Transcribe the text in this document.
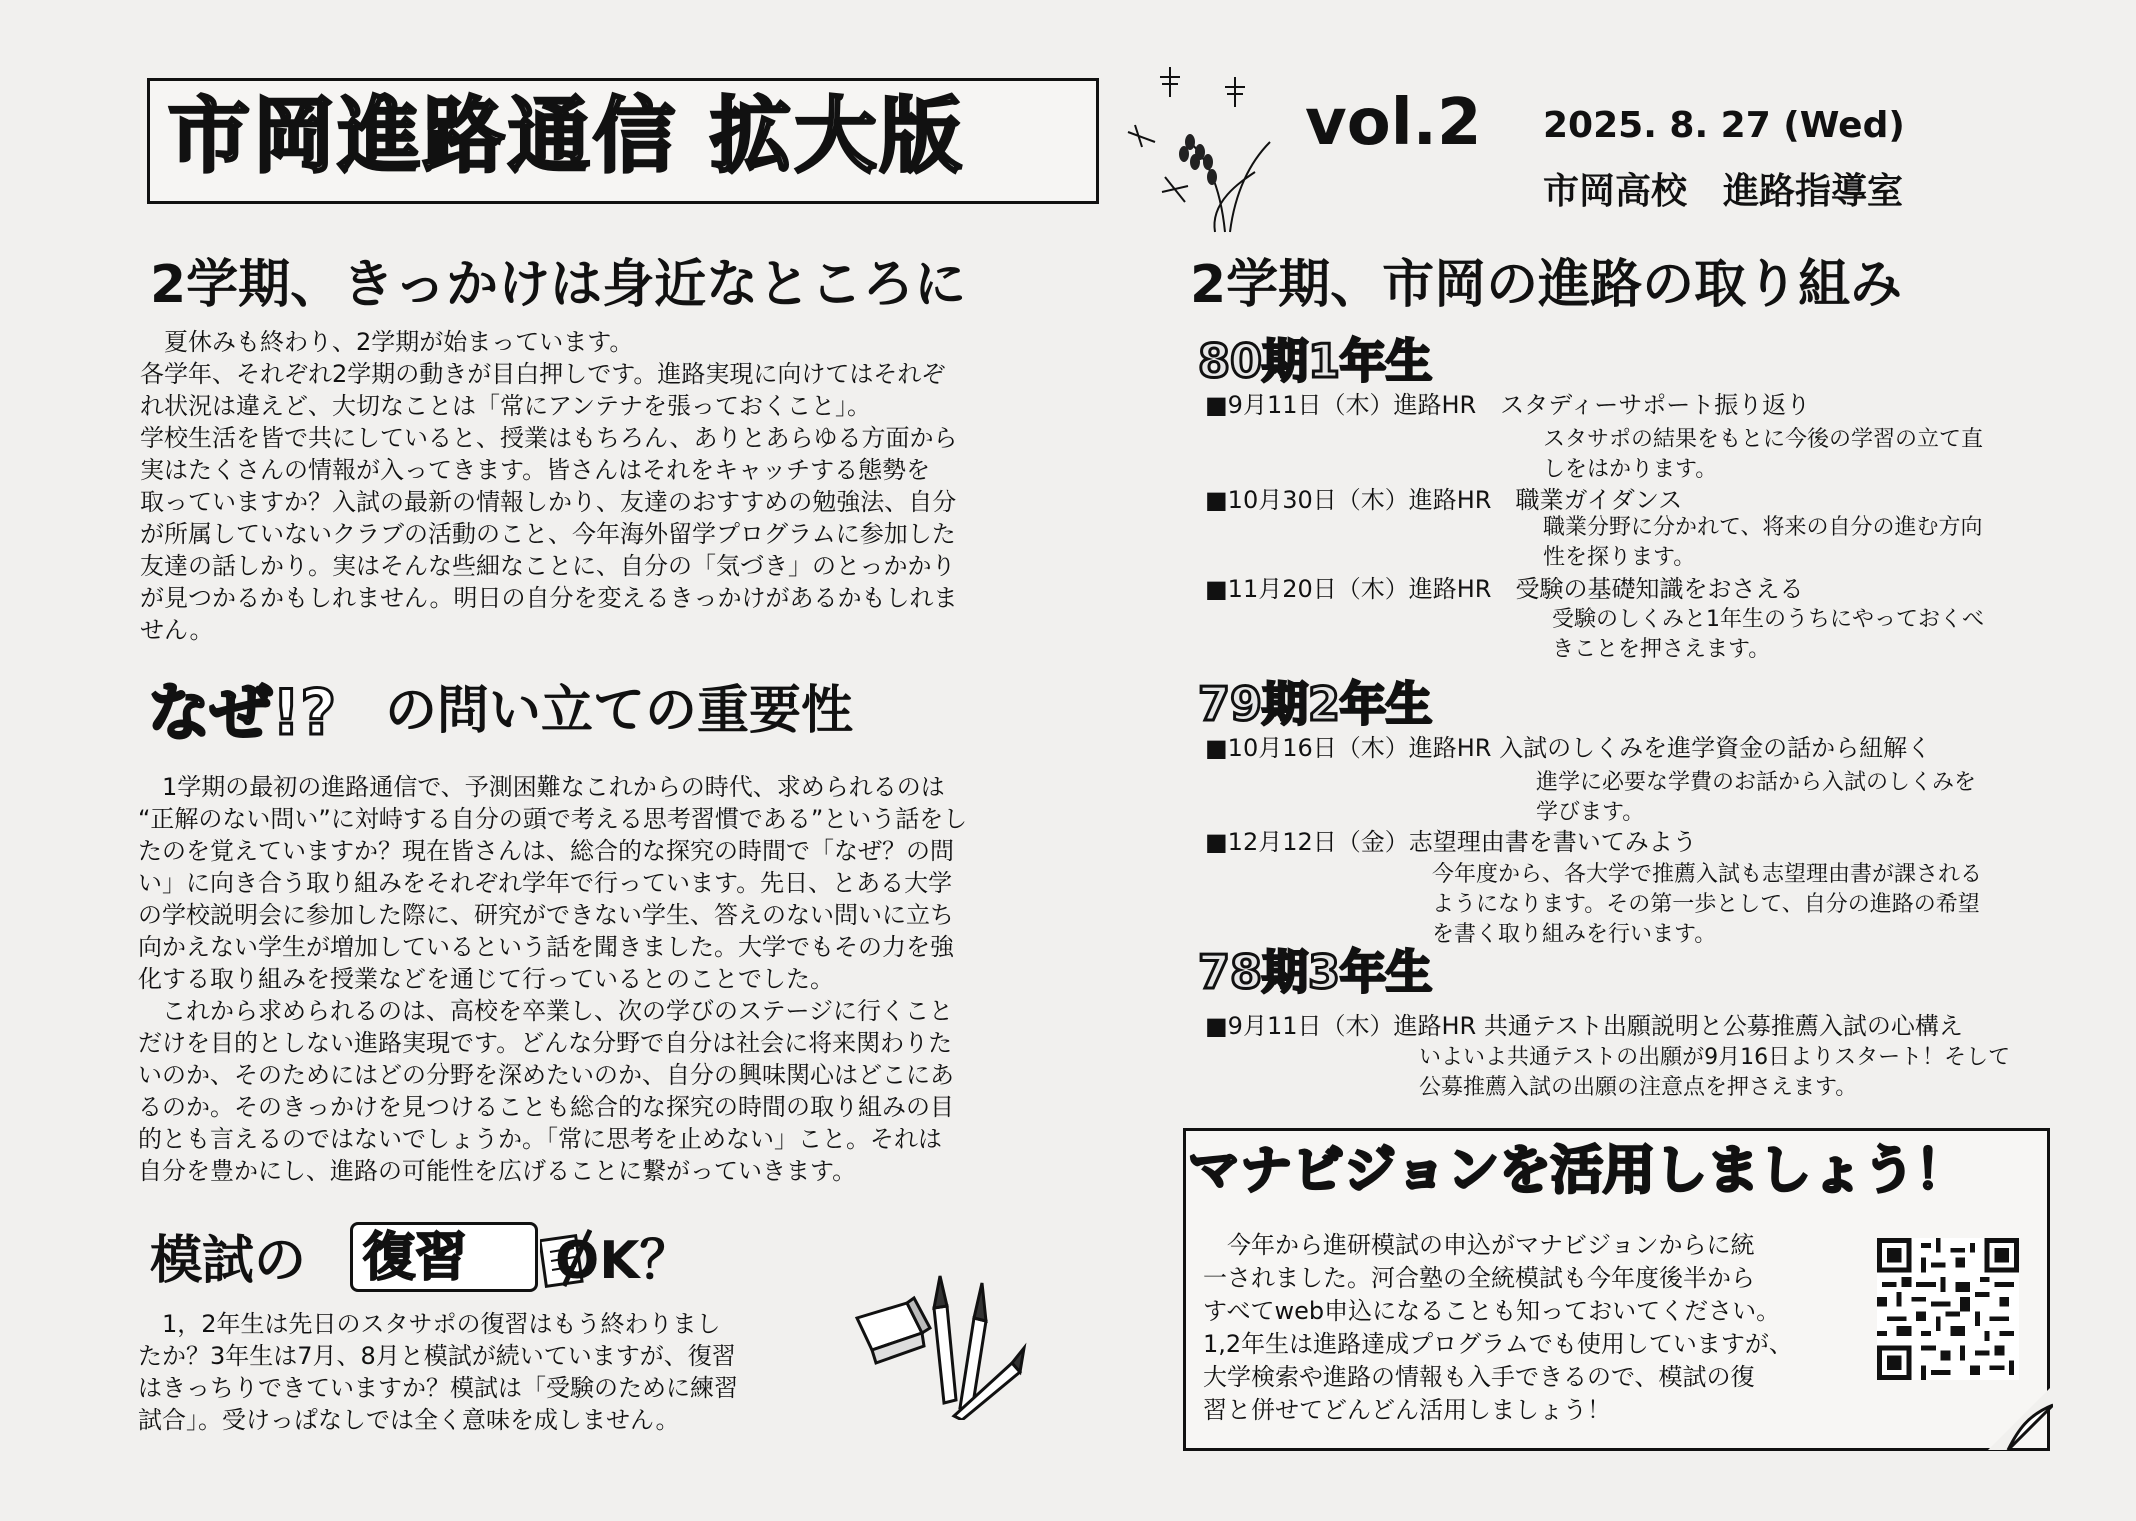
市岡進路通信 拡大版	vol.2 2025. 8. 27 (Wed)
市岡高校　進路指導室
2学期、きっかけは身近なところに
　夏休みも終わり、2学期が始まっています。
各学年、それぞれ2学期の動きが目白押しです。進路実現に向けてはそれぞ
れ状況は違えど、大切なことは「常にアンテナを張っておくこと」。
学校生活を皆で共にしていると、授業はもちろん、ありとあらゆる方面から
実はたくさんの情報が入ってきます。皆さんはそれをキャッチする態勢を
取っていますか？入試の最新の情報しかり、友達のおすすめの勉強法、自分
が所属していないクラブの活動のこと、今年海外留学プログラムに参加した
友達の話しかり。実はそんな些細なことに、自分の「気づき」のとっかかり
が見つかるかもしれません。明日の自分を変えるきっかけがあるかもしれま
せん。
なぜ!? の問い立ての重要性
　1学期の最初の進路通信で、予測困難なこれからの時代、求められるのは
“正解のない問い”に対峙する自分の頭で考える思考習慣である”という話をし
たのを覚えていますか？現在皆さんは、総合的な探究の時間で「なぜ？の問
い」に向き合う取り組みをそれぞれ学年で行っています。先日、とある大学
の学校説明会に参加した際に、研究ができない学生、答えのない問いに立ち
向かえない学生が増加しているという話を聞きました。大学でもその力を強
化する取り組みを授業などを通じて行っているとのことでした。
　これから求められるのは、高校を卒業し、次の学びのステージに行くこと
だけを目的としない進路実現です。どんな分野で自分は社会に将来関わりた
いのか、そのためにはどの分野を深めたいのか、自分の興味関心はどこにあ
るのか。そのきっかけを見つけることも総合的な探究の時間の取り組みの目
的とも言えるのではないでしょうか。「常に思考を止めない」こと。それは
自分を豊かにし、進路の可能性を広げることに繋がっていきます。
模試の 復習 OK？
　1，2年生は先日のスタサポの復習はもう終わりまし
たか？3年生は7月、8月と模試が続いていますが、復習
はきっちりできていますか？模試は「受験のために練習
試合」。受けっぱなしでは全く意味を成しません。
2学期、市岡の進路の取り組み
80期1年生
■9月11日（木）進路HR　スタディーサポート振り返り
スタサポの結果をもとに今後の学習の立て直
しをはかります。
■10月30日（木）進路HR　職業ガイダンス
職業分野に分かれて、将来の自分の進む方向
性を探ります。
■11月20日（木）進路HR　受験の基礎知識をおさえる
受験のしくみと1年生のうちにやっておくべ
きことを押さえます。
79期2年生
■10月16日（木）進路HR 入試のしくみを進学資金の話から紐解く
進学に必要な学費のお話から入試のしくみを
学びます。
■12月12日（金）志望理由書を書いてみよう
今年度から、各大学で推薦入試も志望理由書が課される
ようになります。その第一歩として、自分の進路の希望
を書く取り組みを行います。
78期3年生
■9月11日（木）進路HR 共通テスト出願説明と公募推薦入試の心構え
いよいよ共通テストの出願が9月16日よりスタート！そして
公募推薦入試の出願の注意点を押さえます。
マナビジョンを活用しましょう！
　今年から進研模試の申込がマナビジョンからに統
一されました。河合塾の全統模試も今年度後半から
すべてweb申込になることも知っておいてください。
1,2年生は進路達成プログラムでも使用していますが、
大学検索や進路の情報も入手できるので、模試の復
習と併せてどんどん活用しましょう！
